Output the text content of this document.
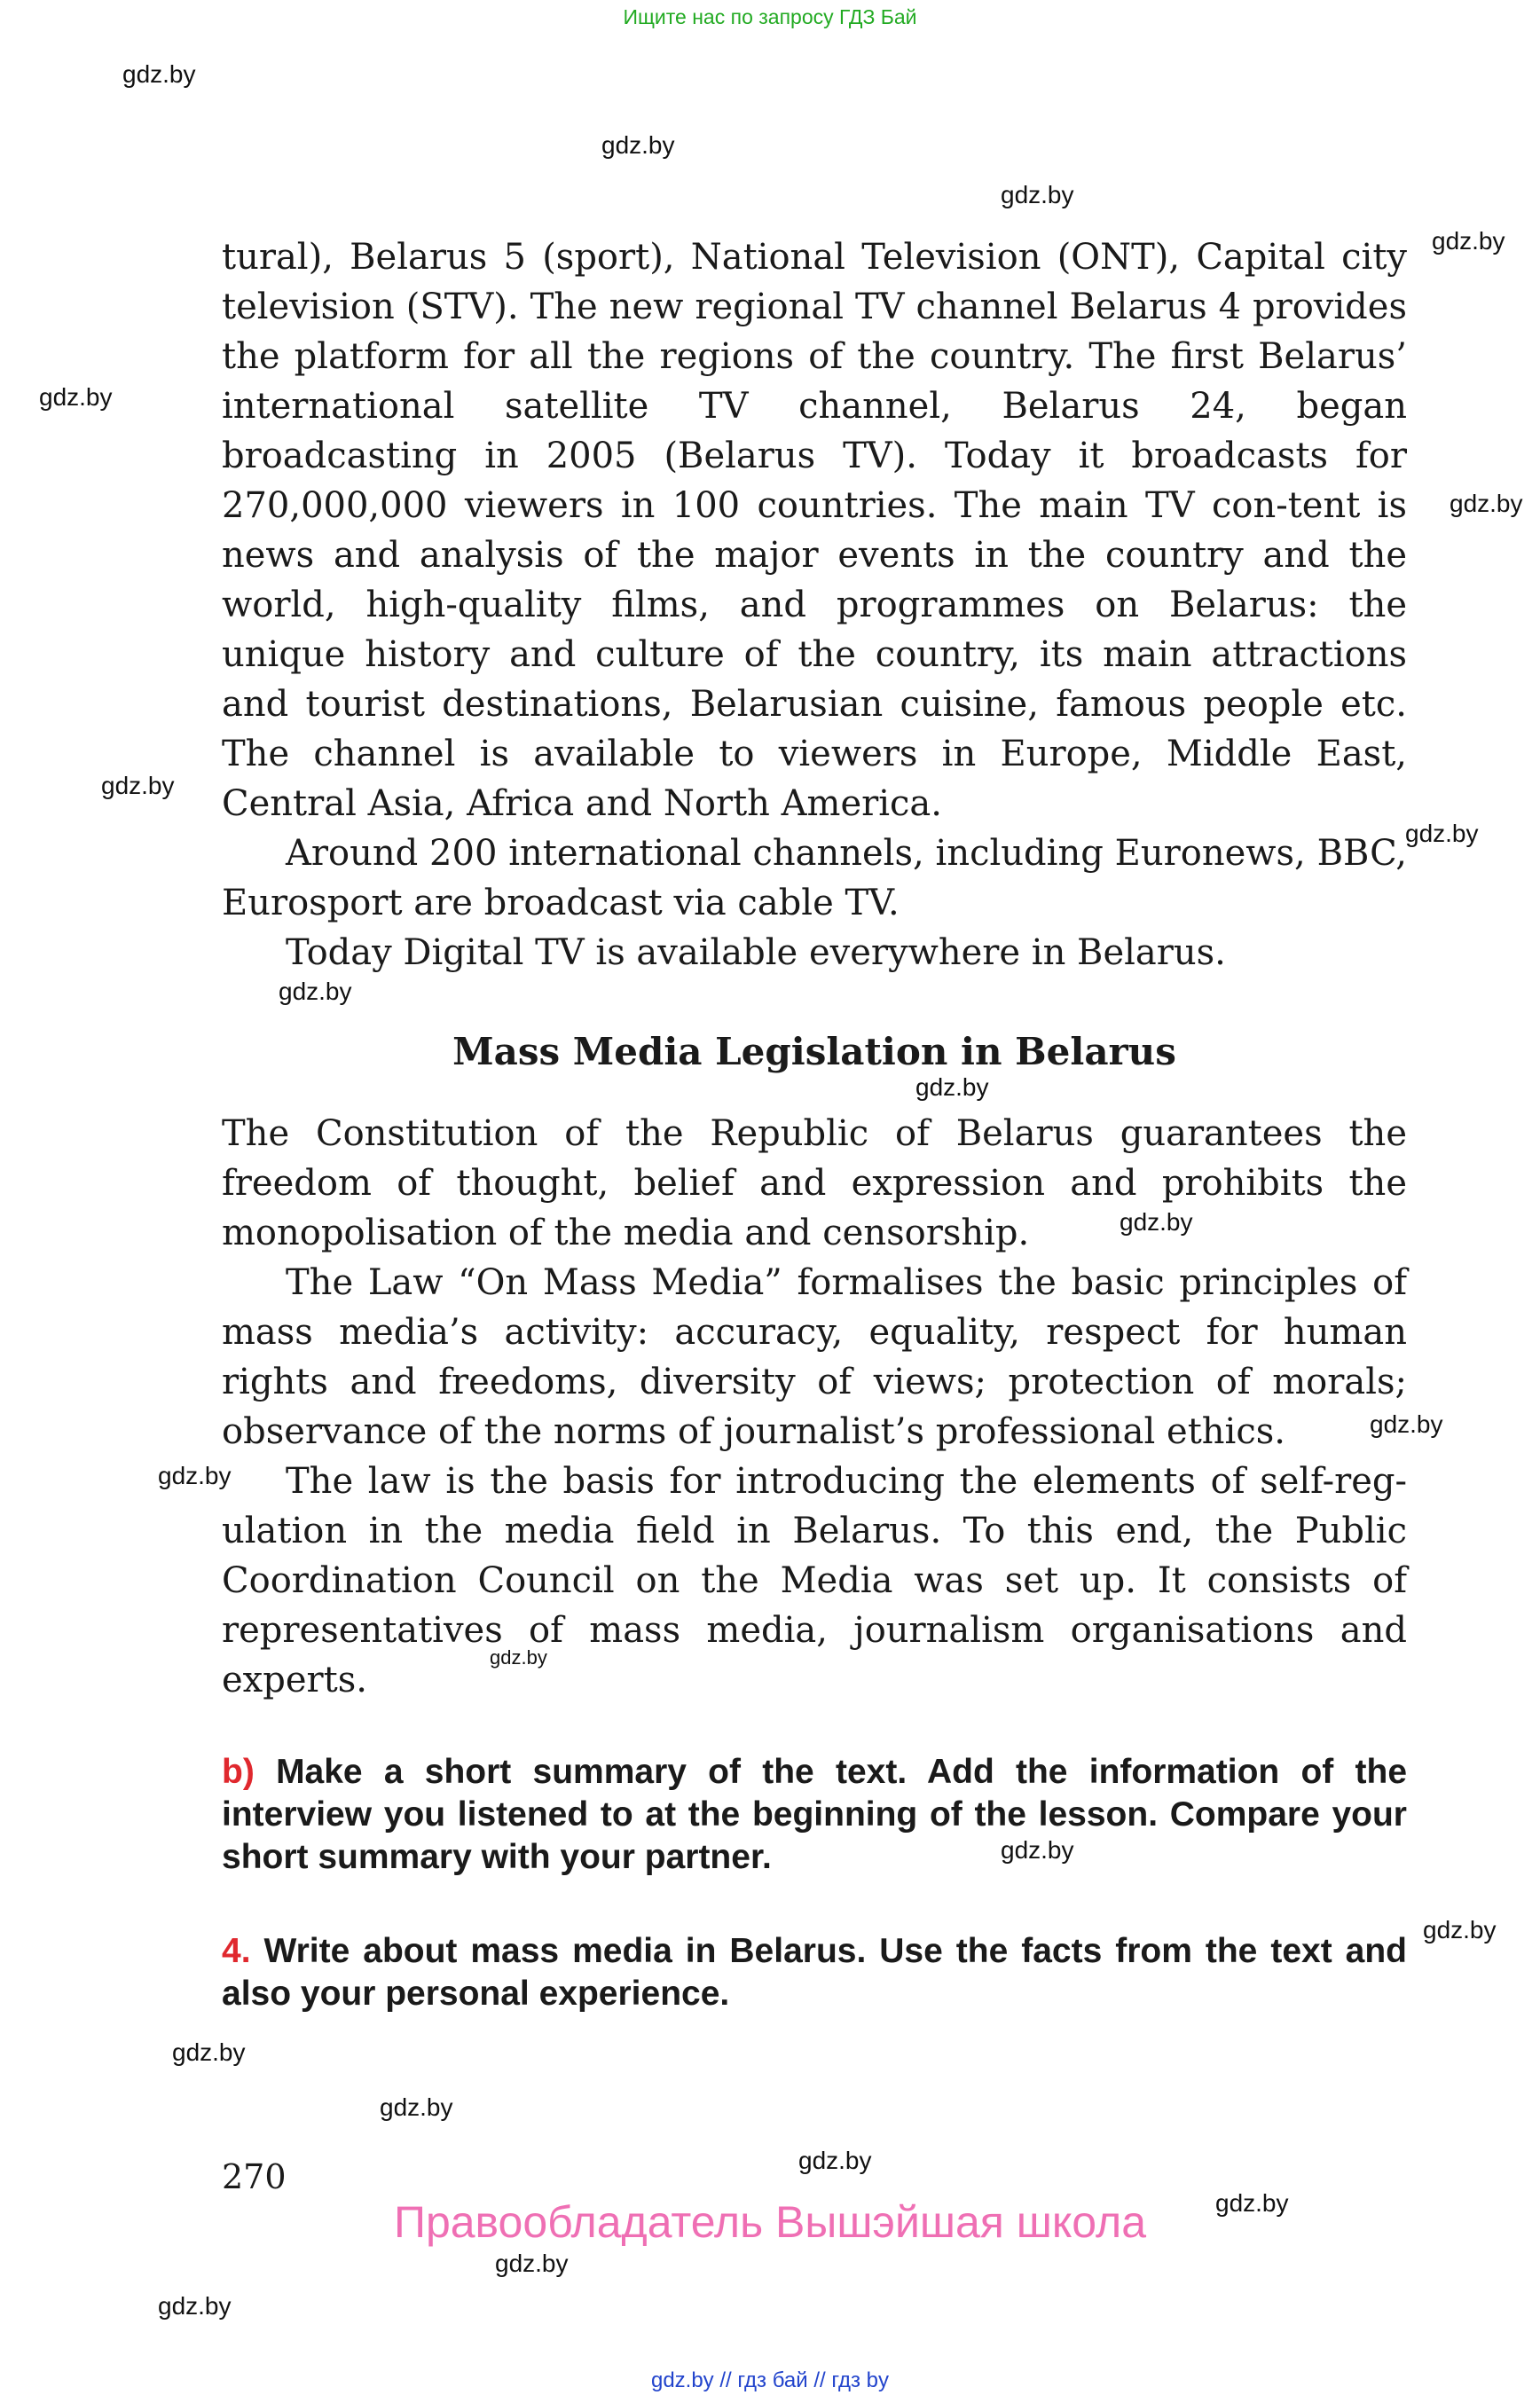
Ищите нас по запросу ГДЗ Бай
gdz.by
gdz.by
gdz.by
gdz.by
gdz.by
gdz.by
gdz.by
gdz.by
gdz.by
gdz.by
gdz.by
gdz.by
gdz.by
gdz.by
gdz.by
gdz.by
gdz.by
gdz.by
gdz.by
gdz.by
gdz.by
gdz.by
tural), Belarus 5 (sport), National Television (ONT), Capital city television (STV). The new regional TV channel Belarus 4 provides the platform for all the regions of the country. The first Belarus’ international satellite TV channel, Belarus 24, began broadcasting in 2005 (Belarus TV). Today it broadcasts for 270,000,000 viewers in 100 countries. The main TV con-tent is news and analysis of the major events in the country and the world, high-quality films, and programmes on Belarus: the unique history and culture of the country, its main attractions and tourist destinations, Belarusian cuisine, famous people etc. The channel is available to viewers in Europe, Middle East, Central Asia, Africa and North America.
Around 200 international channels, including Euronews, BBC, Eurosport are broadcast via cable TV.
Today Digital TV is available everywhere in Belarus.
Mass Media Legislation in Belarus
The Constitution of the Republic of Belarus guarantees the freedom of thought, belief and expression and prohibits the monopolisation of the media and censorship.
The Law “On Mass Media” formalises the basic principles of mass media’s activity: accuracy, equality, respect for human rights and freedoms, diversity of views; protection of morals; observance of the norms of journalist’s professional ethics.
The law is the basis for introducing the elements of self-reg-ulation in the media field in Belarus. To this end, the Public Coordination Council on the Media was set up. It consists of representatives of mass media, journalism organisations and experts.
b) Make a short summary of the text. Add the information of the interview you listened to at the beginning of the lesson. Compare your short summary with your partner.
4. Write about mass media in Belarus. Use the facts from the text and also your personal experience.
270
Правообладатель Вышэйшая школа
gdz.by // гдз бай // гдз by
